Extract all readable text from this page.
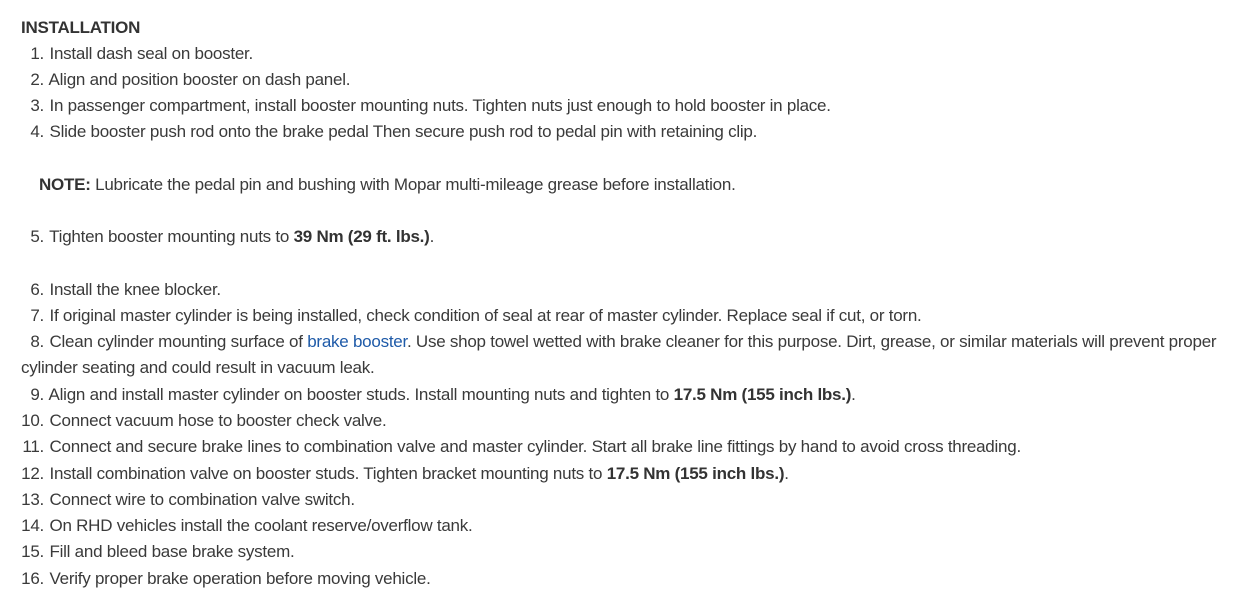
INSTALLATION
1. Install dash seal on booster.
2. Align and position booster on dash panel.
3. In passenger compartment, install booster mounting nuts. Tighten nuts just enough to hold booster in place.
4. Slide booster push rod onto the brake pedal Then secure push rod to pedal pin with retaining clip.
NOTE: Lubricate the pedal pin and bushing with Mopar multi-mileage grease before installation.
5. Tighten booster mounting nuts to 39 Nm (29 ft. lbs.).
6. Install the knee blocker.
7. If original master cylinder is being installed, check condition of seal at rear of master cylinder. Replace seal if cut, or torn.
8. Clean cylinder mounting surface of brake booster. Use shop towel wetted with brake cleaner for this purpose. Dirt, grease, or similar materials will prevent proper cylinder seating and could result in vacuum leak.
9. Align and install master cylinder on booster studs. Install mounting nuts and tighten to 17.5 Nm (155 inch lbs.).
10. Connect vacuum hose to booster check valve.
11. Connect and secure brake lines to combination valve and master cylinder. Start all brake line fittings by hand to avoid cross threading.
12. Install combination valve on booster studs. Tighten bracket mounting nuts to 17.5 Nm (155 inch lbs.).
13. Connect wire to combination valve switch.
14. On RHD vehicles install the coolant reserve/overflow tank.
15. Fill and bleed base brake system.
16. Verify proper brake operation before moving vehicle.
